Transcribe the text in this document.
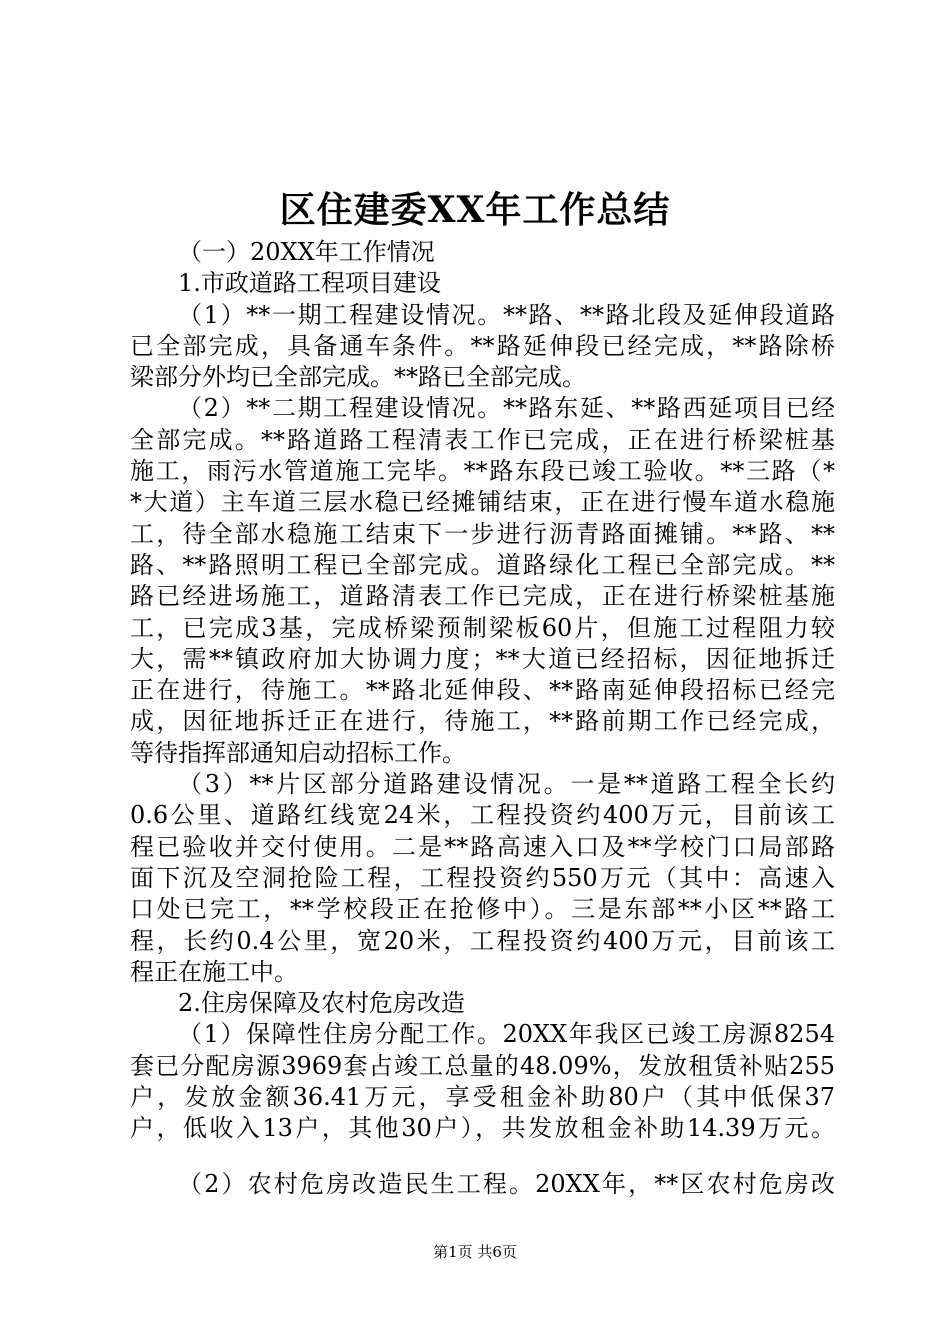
区住建委XX年工作总结
（一）20XX年工作情况
1.市政道路工程项目建设
（1）**一期工程建设情况。**路、**路北段及延伸段道路
已全部完成，具备通车条件。**路延伸段已经完成，**路除桥
梁部分外均已全部完成。**路已全部完成。
（2）**二期工程建设情况。**路东延、**路西延项目已经
全部完成。**路道路工程清表工作已完成，正在进行桥梁桩基
施工，雨污水管道施工完毕。**路东段已竣工验收。**三路（*
*大道）主车道三层水稳已经摊铺结束，正在进行慢车道水稳施
工，待全部水稳施工结束下一步进行沥青路面摊铺。**路、**
路、**路照明工程已全部完成。道路绿化工程已全部完成。**
路已经进场施工，道路清表工作已完成，正在进行桥梁桩基施
工，已完成3基，完成桥梁预制梁板60片，但施工过程阻力较
大，需**镇政府加大协调力度；**大道已经招标，因征地拆迁
正在进行，待施工。**路北延伸段、**路南延伸段招标已经完
成，因征地拆迁正在进行，待施工，**路前期工作已经完成，
等待指挥部通知启动招标工作。
（3）**片区部分道路建设情况。一是**道路工程全长约
0.6公里、道路红线宽24米，工程投资约400万元，目前该工
程已验收并交付使用。二是**路高速入口及**学校门口局部路
面下沉及空洞抢险工程，工程投资约550万元（其中：高速入
口处已完工，**学校段正在抢修中）。三是东部**小区**路工
程，长约0.4公里，宽20米，工程投资约400万元，目前该工
程正在施工中。
2.住房保障及农村危房改造
（1）保障性住房分配工作。20XX年我区已竣工房源8254
套已分配房源3969套占竣工总量的48.09%，发放租赁补贴255
户，发放金额36.41万元，享受租金补助80户（其中低保37
户，低收入13户，其他30户），共发放租金补助14.39万元。
（2）农村危房改造民生工程。20XX年，**区农村危房改
第1页 共6页
